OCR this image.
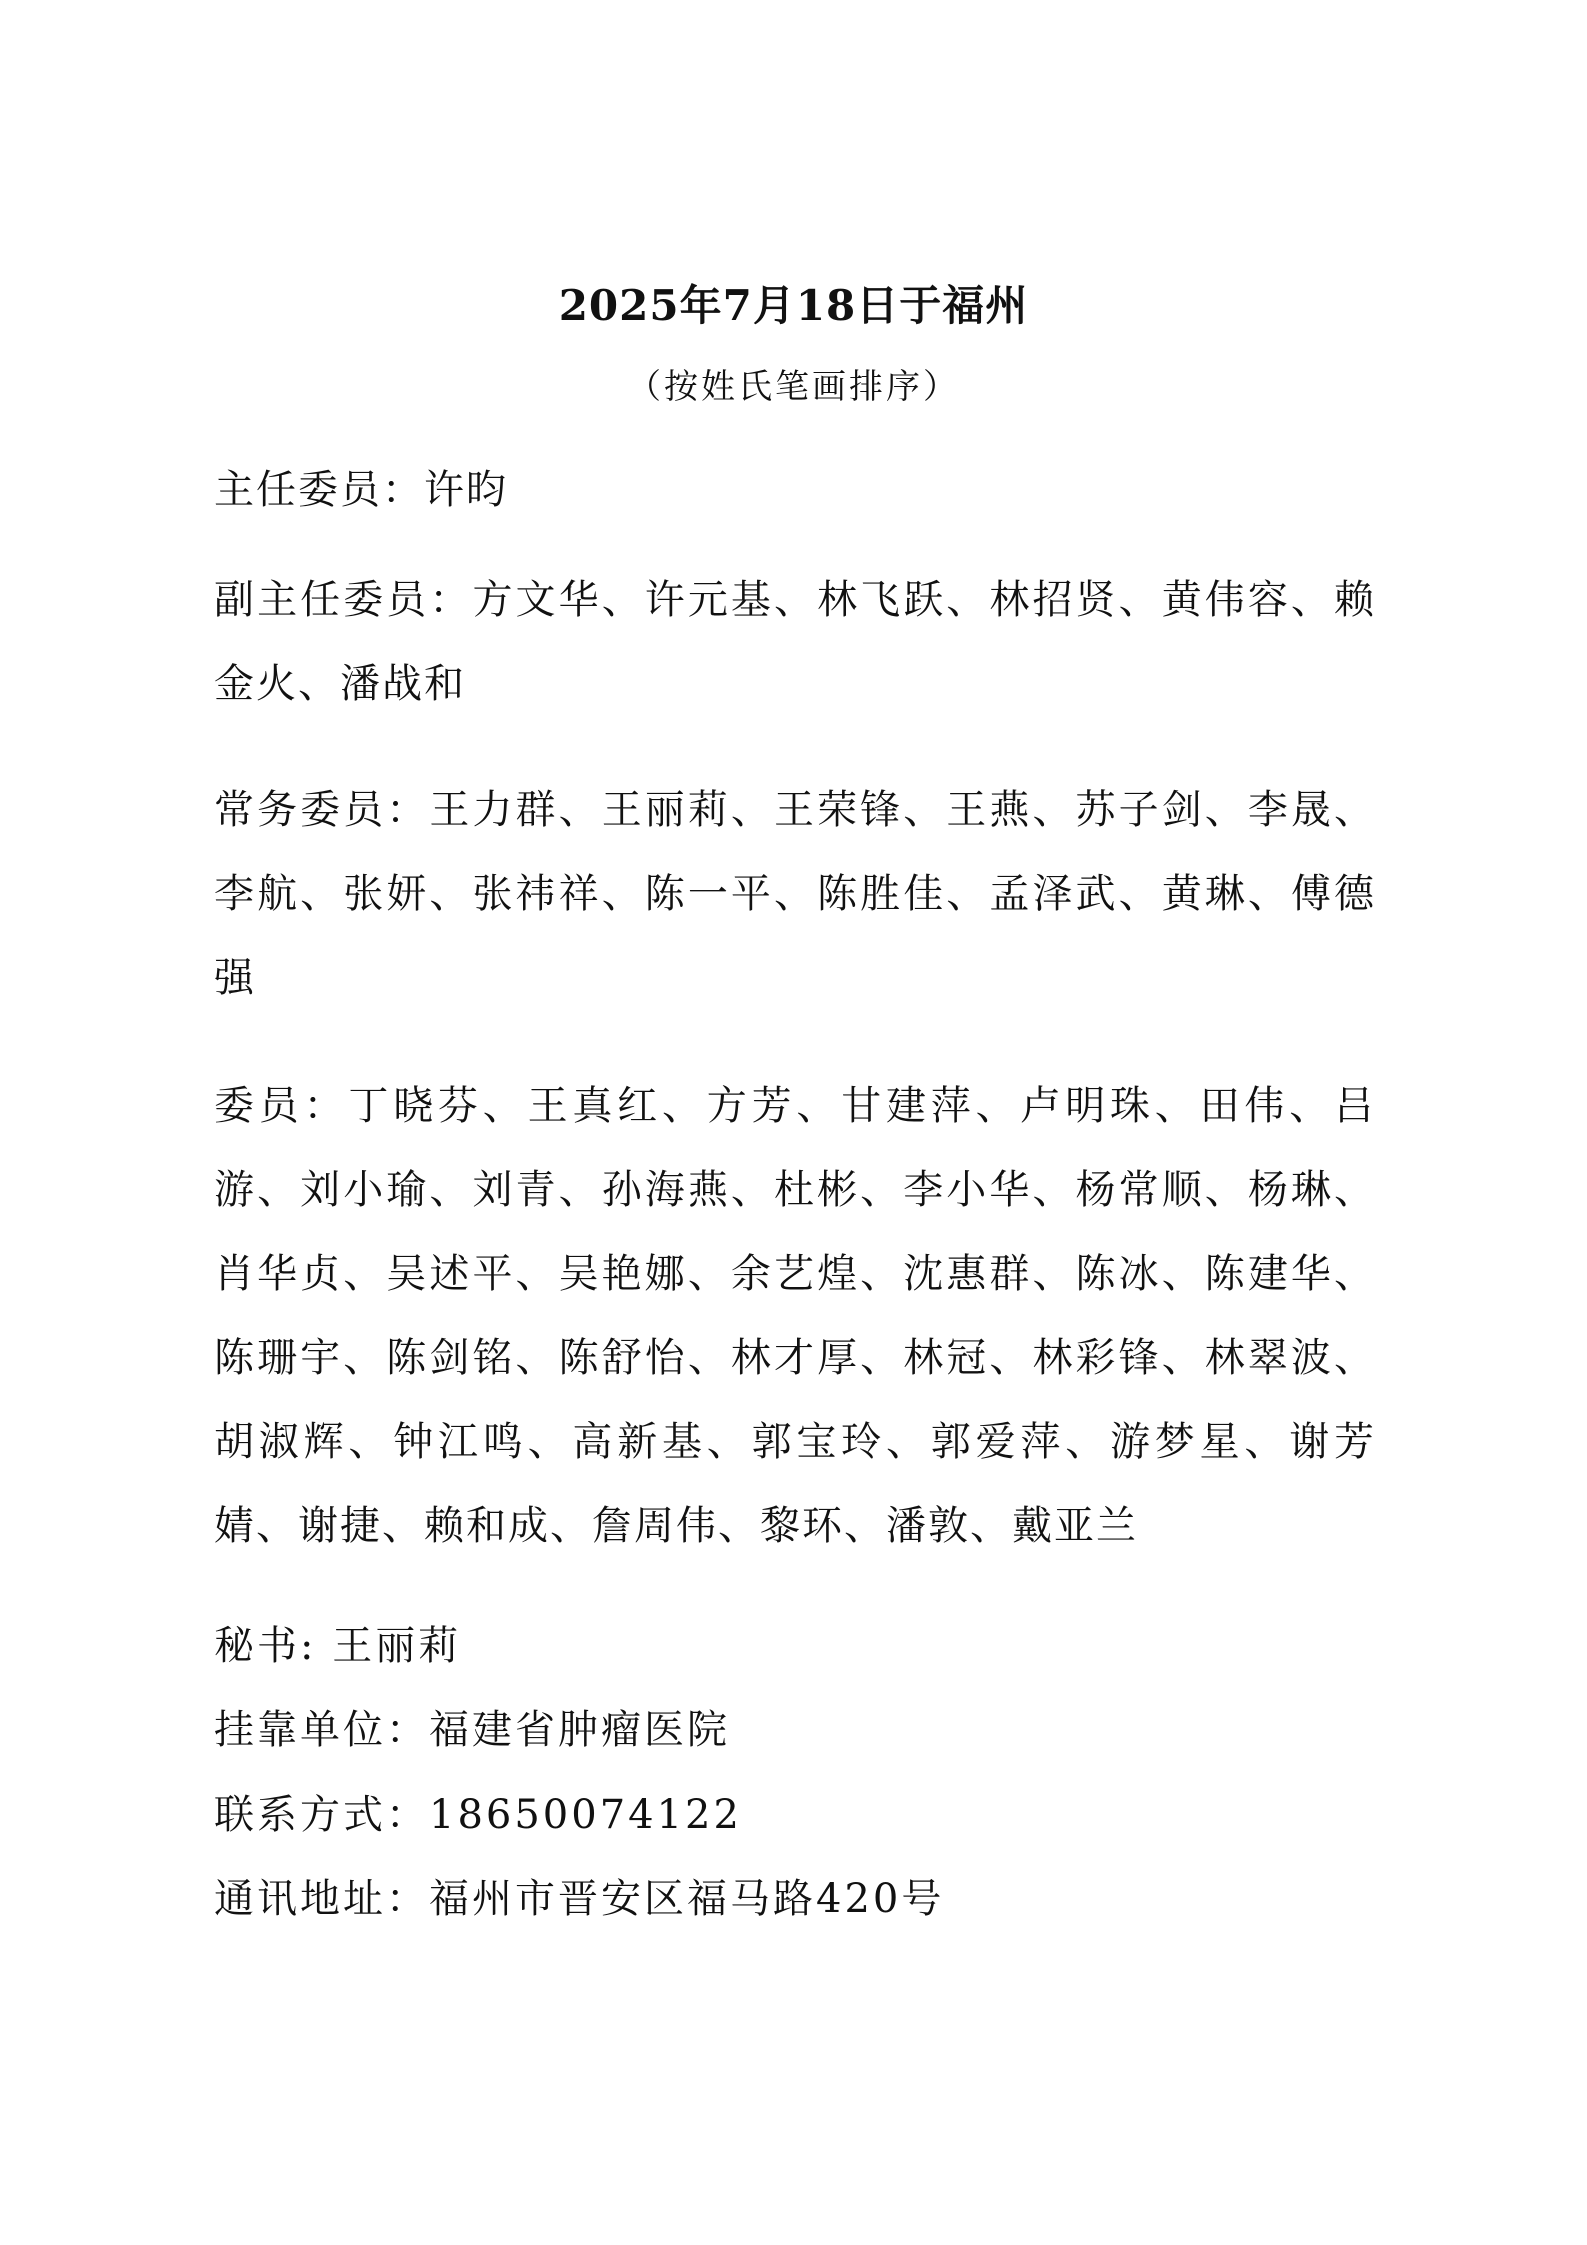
2025年7月18日于福州
（按姓氏笔画排序）
主任委员：许昀
副主任委员：方文华、许元基、林飞跃、林招贤、黄伟容、赖金火、潘战和
常务委员：王力群、王丽莉、王荣锋、王燕、苏子剑、李晟、李航、张妍、张祎祥、陈一平、陈胜佳、孟泽武、黄琳、傅德强
委员：丁晓芬、王真红、方芳、甘建萍、卢明珠、田伟、吕游、刘小瑜、刘青、孙海燕、杜彬、李小华、杨常顺、杨琳、肖华贞、吴述平、吴艳娜、余艺煌、沈惠群、陈冰、陈建华、陈珊宇、陈剑铭、陈舒怡、林才厚、林冠、林彩锋、林翠波、胡淑辉、钟江鸣、高新基、郭宝玲、郭爱萍、游梦星、谢芳婧、谢捷、赖和成、詹周伟、黎环、潘敦、戴亚兰
秘书: 王丽莉
挂靠单位：福建省肿瘤医院
联系方式：18650074122
通讯地址：福州市晋安区福马路420号
